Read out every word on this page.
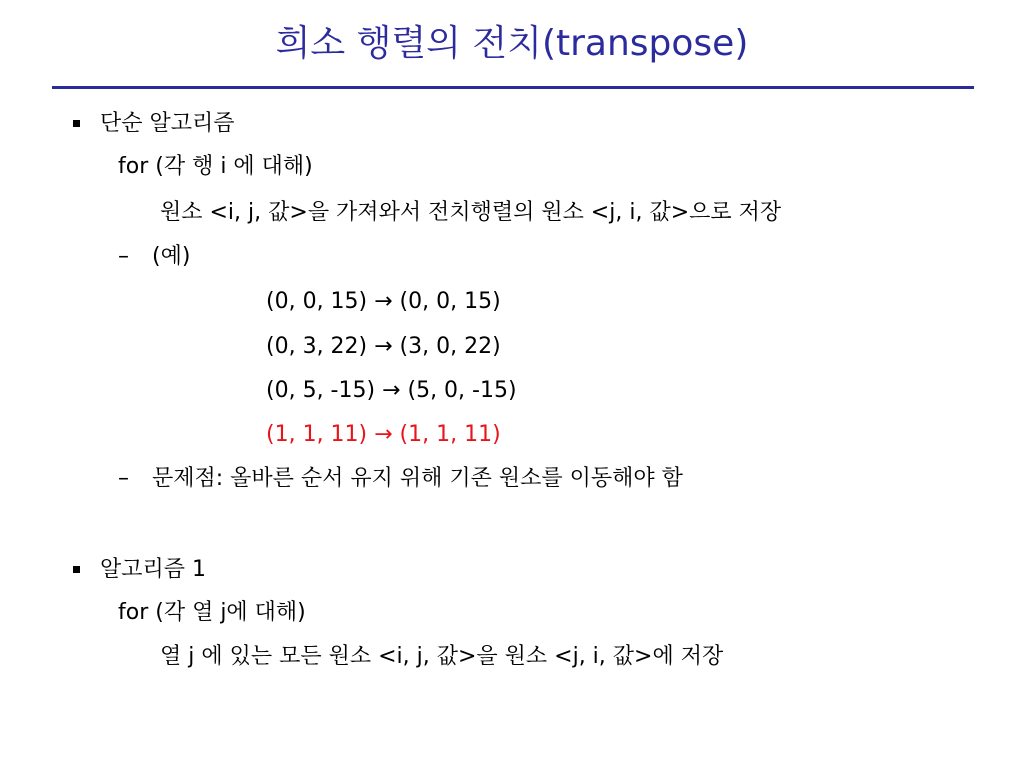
희소 행렬의 전치(transpose)
단순 알고리즘
for (각 행 i 에 대해)
원소 <i, j, 값>을 가져와서 전치행렬의 원소 <j, i, 값>으로 저장
– (예)
(0, 0, 15) → (0, 0, 15)
(0, 3, 22) → (3, 0, 22)
(0, 5, -15) → (5, 0, -15)
(1, 1, 11) → (1, 1, 11)
– 문제점: 올바른 순서 유지 위해 기존 원소를 이동해야 함
알고리즘 1
for (각 열 j에 대해)
열 j 에 있는 모든 원소 <i, j, 값>을 원소 <j, i, 값>에 저장
